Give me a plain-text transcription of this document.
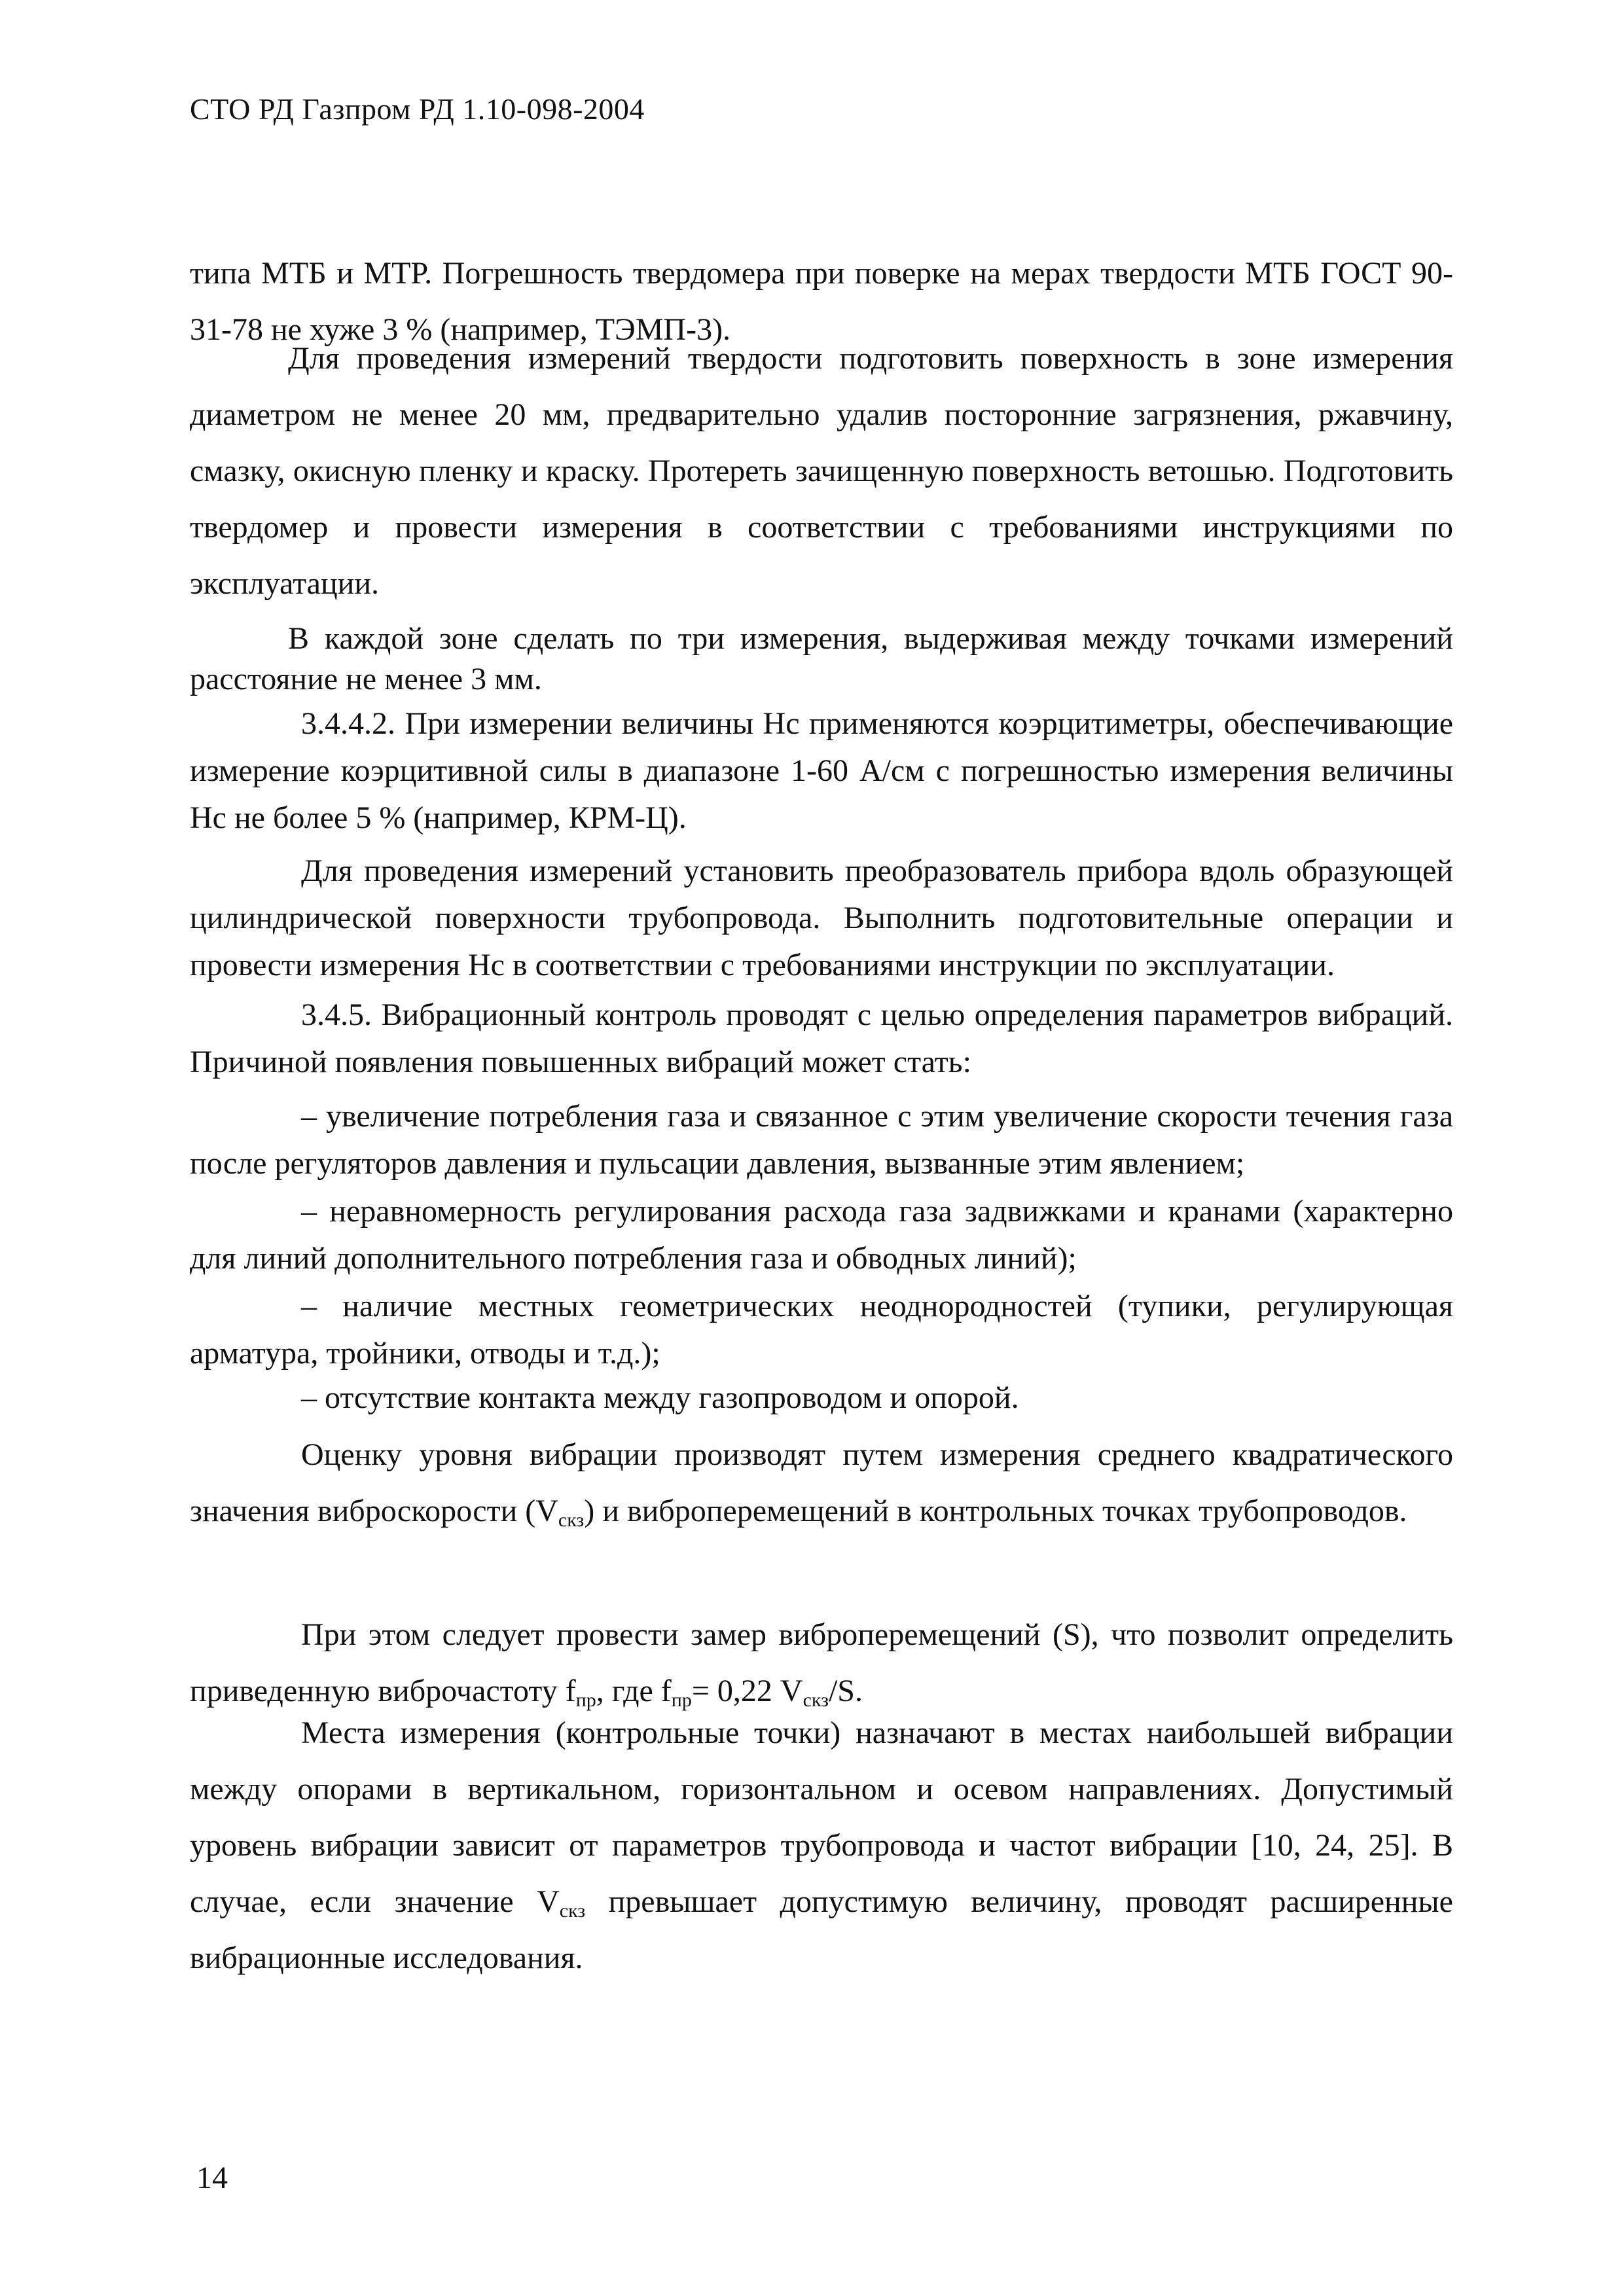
СТО РД Газпром РД 1.10-098-2004

типа МТБ и МТР. Погрешность твердомера при поверке на мерах твердости МТБ ГОСТ 90-31-78 не хуже 3 % (например, ТЭМП-3).

Для проведения измерений твердости подготовить поверхность в зоне измерения диаметром не менее 20 мм, предварительно удалив посторонние загрязнения, ржавчину, смазку, окисную пленку и краску. Протереть зачищенную поверхность ветошью. Подготовить твердомер и провести измерения в соответствии с требованиями инструкциями по эксплуатации.

В каждой зоне сделать по три измерения, выдерживая между точками измерений расстояние не менее 3 мм.

3.4.4.2. При измерении величины Нс применяются коэрцитиметры, обеспечивающие измерение коэрцитивной силы в диапазоне 1-60 А/см с погрешностью измерения величины Нс не более 5 % (например, КРМ-Ц).

Для проведения измерений установить преобразователь прибора вдоль образующей цилиндрической поверхности трубопровода. Выполнить подготовительные операции и провести измерения Нс в соответствии с требованиями инструкции по эксплуатации.

3.4.5. Вибрационный контроль проводят с целью определения параметров вибраций. Причиной появления повышенных вибраций может стать:

– увеличение потребления газа и связанное с этим увеличение скорости течения газа после регуляторов давления и пульсации давления, вызванные этим явлением;

– неравномерность регулирования расхода газа задвижками и кранами (характерно для линий дополнительного потребления газа и обводных линий);

– наличие местных геометрических неоднородностей (тупики, регулирующая арматура, тройники, отводы и т.д.);

– отсутствие контакта между газопроводом и опорой.

Оценку уровня вибрации производят путем измерения среднего квадратического значения виброскорости $(V_{скз})$ и виброперемещений в контрольных точках трубопроводов.

При этом следует провести замер виброперемещений (S), что позволит определить приведенную виброчастоту $f_{пр}$, где $f_{пр}= 0,22$ $V_{скз}/S$.

Места измерения (контрольные точки) назначают в местах наибольшей вибрации между опорами в вертикальном, горизонтальном и осевом направлениях. Допустимый уровень вибрации зависит от параметров трубопровода и частот вибрации [10, 24, 25]. В случае, если значение $V_{скз}$ превышает допустимую величину, проводят расширенные вибрационные исследования.

14
